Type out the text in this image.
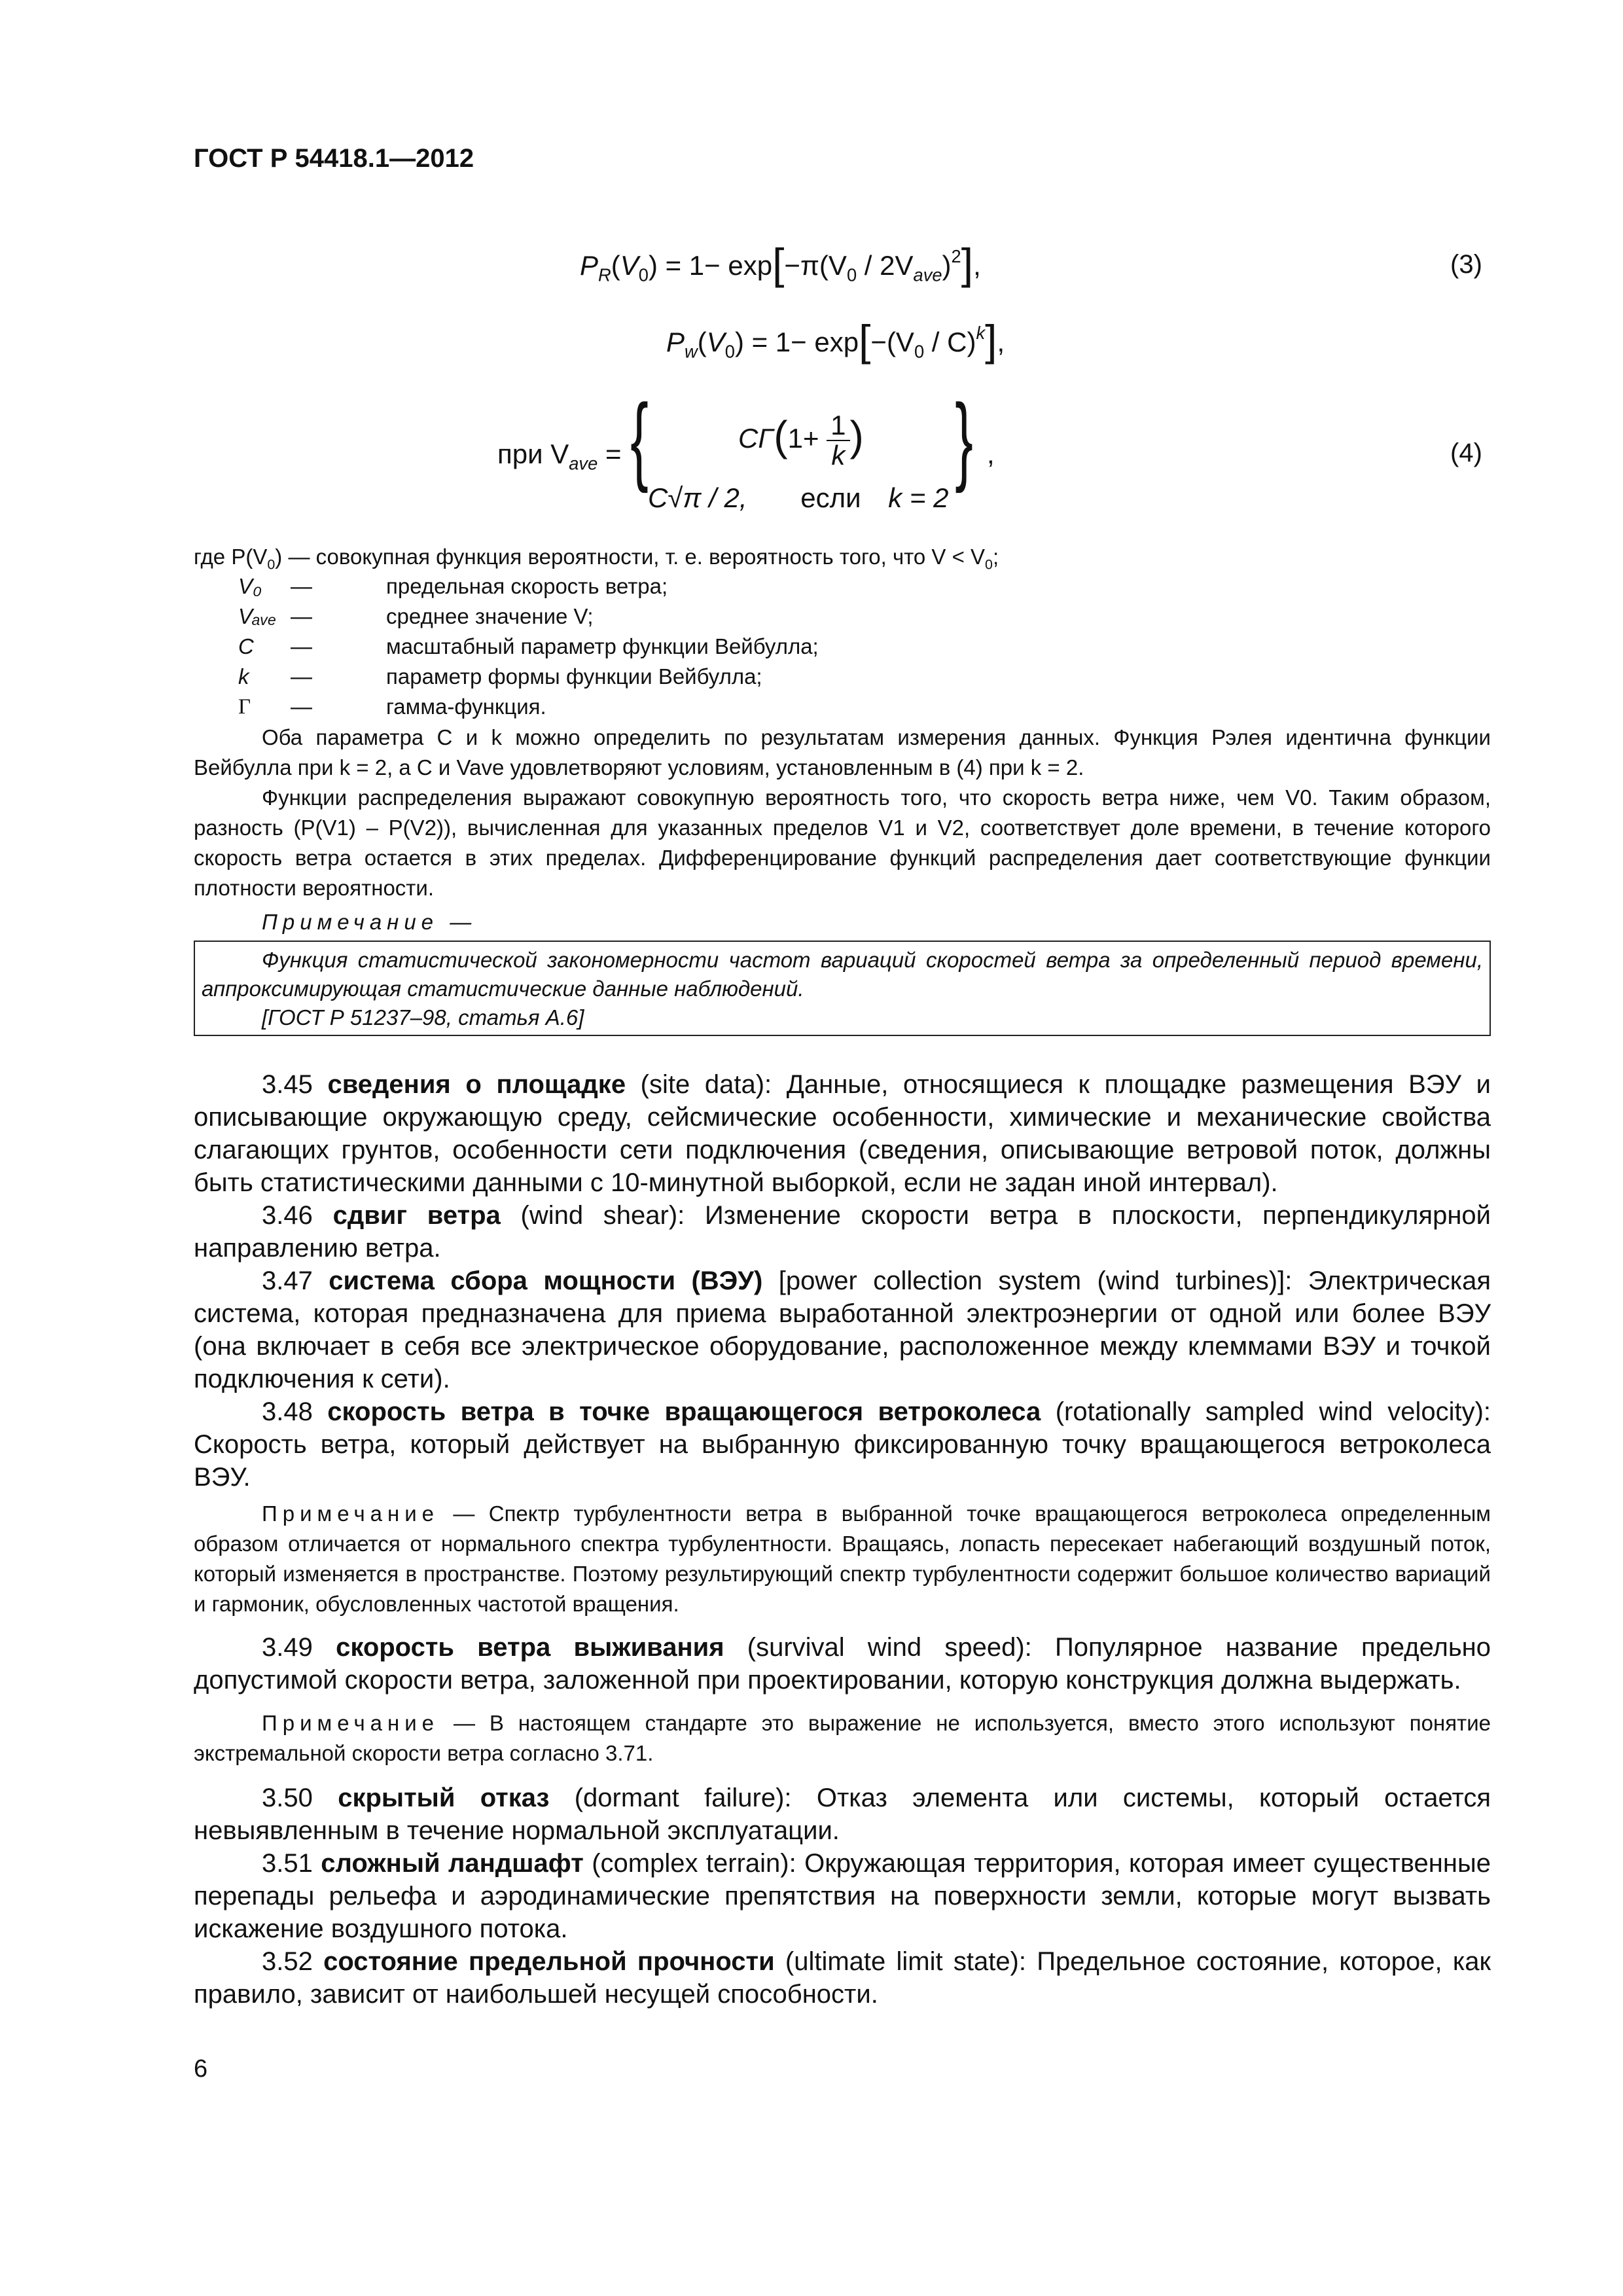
ГОСТ Р 54418.1—2012
$P_R(V_0) = 1- \exp[-\pi(V_0 / 2V_{ave})^2]$,	(3)
$P_w(V_0) = 1- \exp[-(V_0 / C)^k]$,
при $V_{ave}$ = {	$C\Gamma(1+ \frac{1}{k}$ )
C√π / 2, если k = 2
} ,	(4)
где $P(V_0)$ — совокупная функция вероятности, т. е. вероятность того, что $V < V_0$;
V₀ —	предельная скорость ветра;
Vₐᵥₑ —	среднее значение V;
C —	масштабный параметр функции Вейбулла;
k —	параметр формы функции Вейбулла;
Γ —	гамма-функция.
Оба параметра C и k можно определить по результатам измерения данных. Функция Рэлея идентична функции Вейбулла при k = 2, а C и Vave удовлетворяют условиям, установленным в (4) при k = 2.
Функции распределения выражают совокупную вероятность того, что скорость ветра ниже, чем V0. Таким образом, разность (P(V1) – P(V2)), вычисленная для указанных пределов V1 и V2, соответствует доле времени, в течение которого скорость ветра остается в этих пределах. Дифференцирование функций распределения дает соответствующие функции плотности вероятности.
Примечание —
Функция статистической закономерности частот вариаций скоростей ветра за определенный период времени, аппроксимирующая статистические данные наблюдений.
[ГОСТ Р 51237–98, статья А.6]
3.45 сведения о площадке (site data): Данные, относящиеся к площадке размещения ВЭУ и описывающие окружающую среду, сейсмические особенности, химические и механические свойства слагающих грунтов, особенности сети подключения (сведения, описывающие ветровой поток, должны быть статистическими данными с 10-минутной выборкой, если не задан иной интервал).
3.46 сдвиг ветра (wind shear): Изменение скорости ветра в плоскости, перпендикулярной направлению ветра.
3.47 система сбора мощности (ВЭУ) [power collection system (wind turbines)]: Электрическая система, которая предназначена для приема выработанной электроэнергии от одной или более ВЭУ (она включает в себя все электрическое оборудование, расположенное между клеммами ВЭУ и точкой подключения к сети).
3.48 скорость ветра в точке вращающегося ветроколеса (rotationally sampled wind velocity): Скорость ветра, который действует на выбранную фиксированную точку вращающегося ветроколеса ВЭУ.
Примечание — Спектр турбулентности ветра в выбранной точке вращающегося ветроколеса определенным образом отличается от нормального спектра турбулентности. Вращаясь, лопасть пересекает набегающий воздушный поток, который изменяется в пространстве. Поэтому результирующий спектр турбулентности содержит большое количество вариаций и гармоник, обусловленных частотой вращения.
3.49 скорость ветра выживания (survival wind speed): Популярное название предельно допустимой скорости ветра, заложенной при проектировании, которую конструкция должна выдержать.
Примечание — В настоящем стандарте это выражение не используется, вместо этого используют понятие экстремальной скорости ветра согласно 3.71.
3.50 скрытый отказ (dormant failure): Отказ элемента или системы, который остается невыявленным в течение нормальной эксплуатации.
3.51 сложный ландшафт (complex terrain): Окружающая территория, которая имеет существенные перепады рельефа и аэродинамические препятствия на поверхности земли, которые могут вызвать искажение воздушного потока.
3.52 состояние предельной прочности (ultimate limit state): Предельное состояние, которое, как правило, зависит от наибольшей несущей способности.
6
